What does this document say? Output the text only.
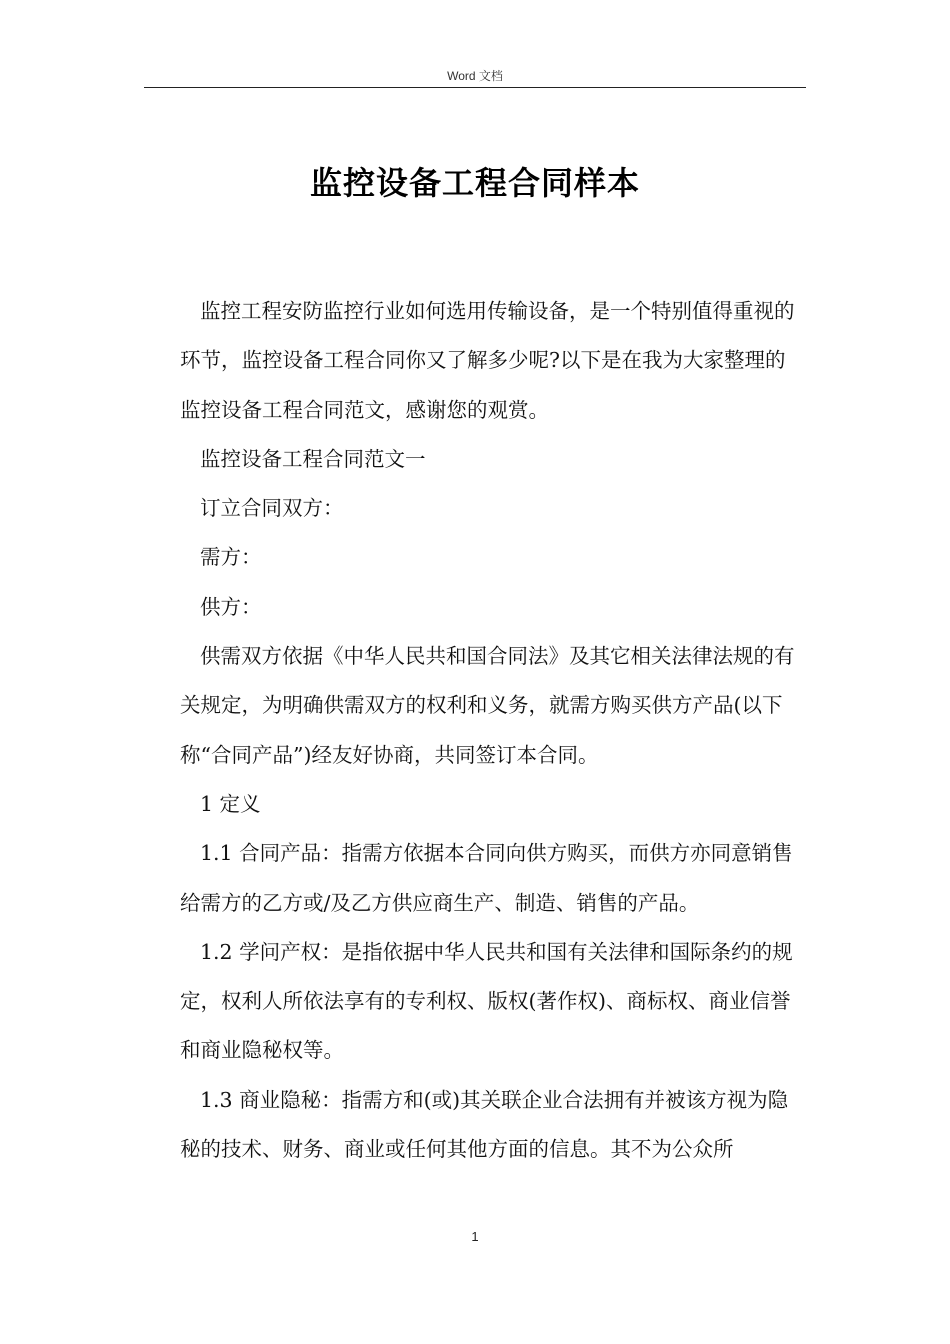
Word 文档
监控设备工程合同样本

监控工程安防监控行业如何选用传输设备，是一个特别值得重视的环节，监控设备工程合同你又了解多少呢?以下是在我为大家整理的监控设备工程合同范文，感谢您的观赏。

监控设备工程合同范文一

订立合同双方：

需方：

供方：

供需双方依据《中华人民共和国合同法》及其它相关法律法规的有关规定，为明确供需双方的权利和义务，就需方购买供方产品(以下称“合同产品”)经友好协商，共同签订本合同。

1 定义

1.1 合同产品：指需方依据本合同向供方购买，而供方亦同意销售给需方的乙方或/及乙方供应商生产、制造、销售的产品。

1.2 学问产权：是指依据中华人民共和国有关法律和国际条约的规定，权利人所依法享有的专利权、版权(著作权)、商标权、商业信誉和商业隐秘权等。

1.3 商业隐秘：指需方和(或)其关联企业合法拥有并被该方视为隐秘的技术、财务、商业或任何其他方面的信息。其不为公众所

1
